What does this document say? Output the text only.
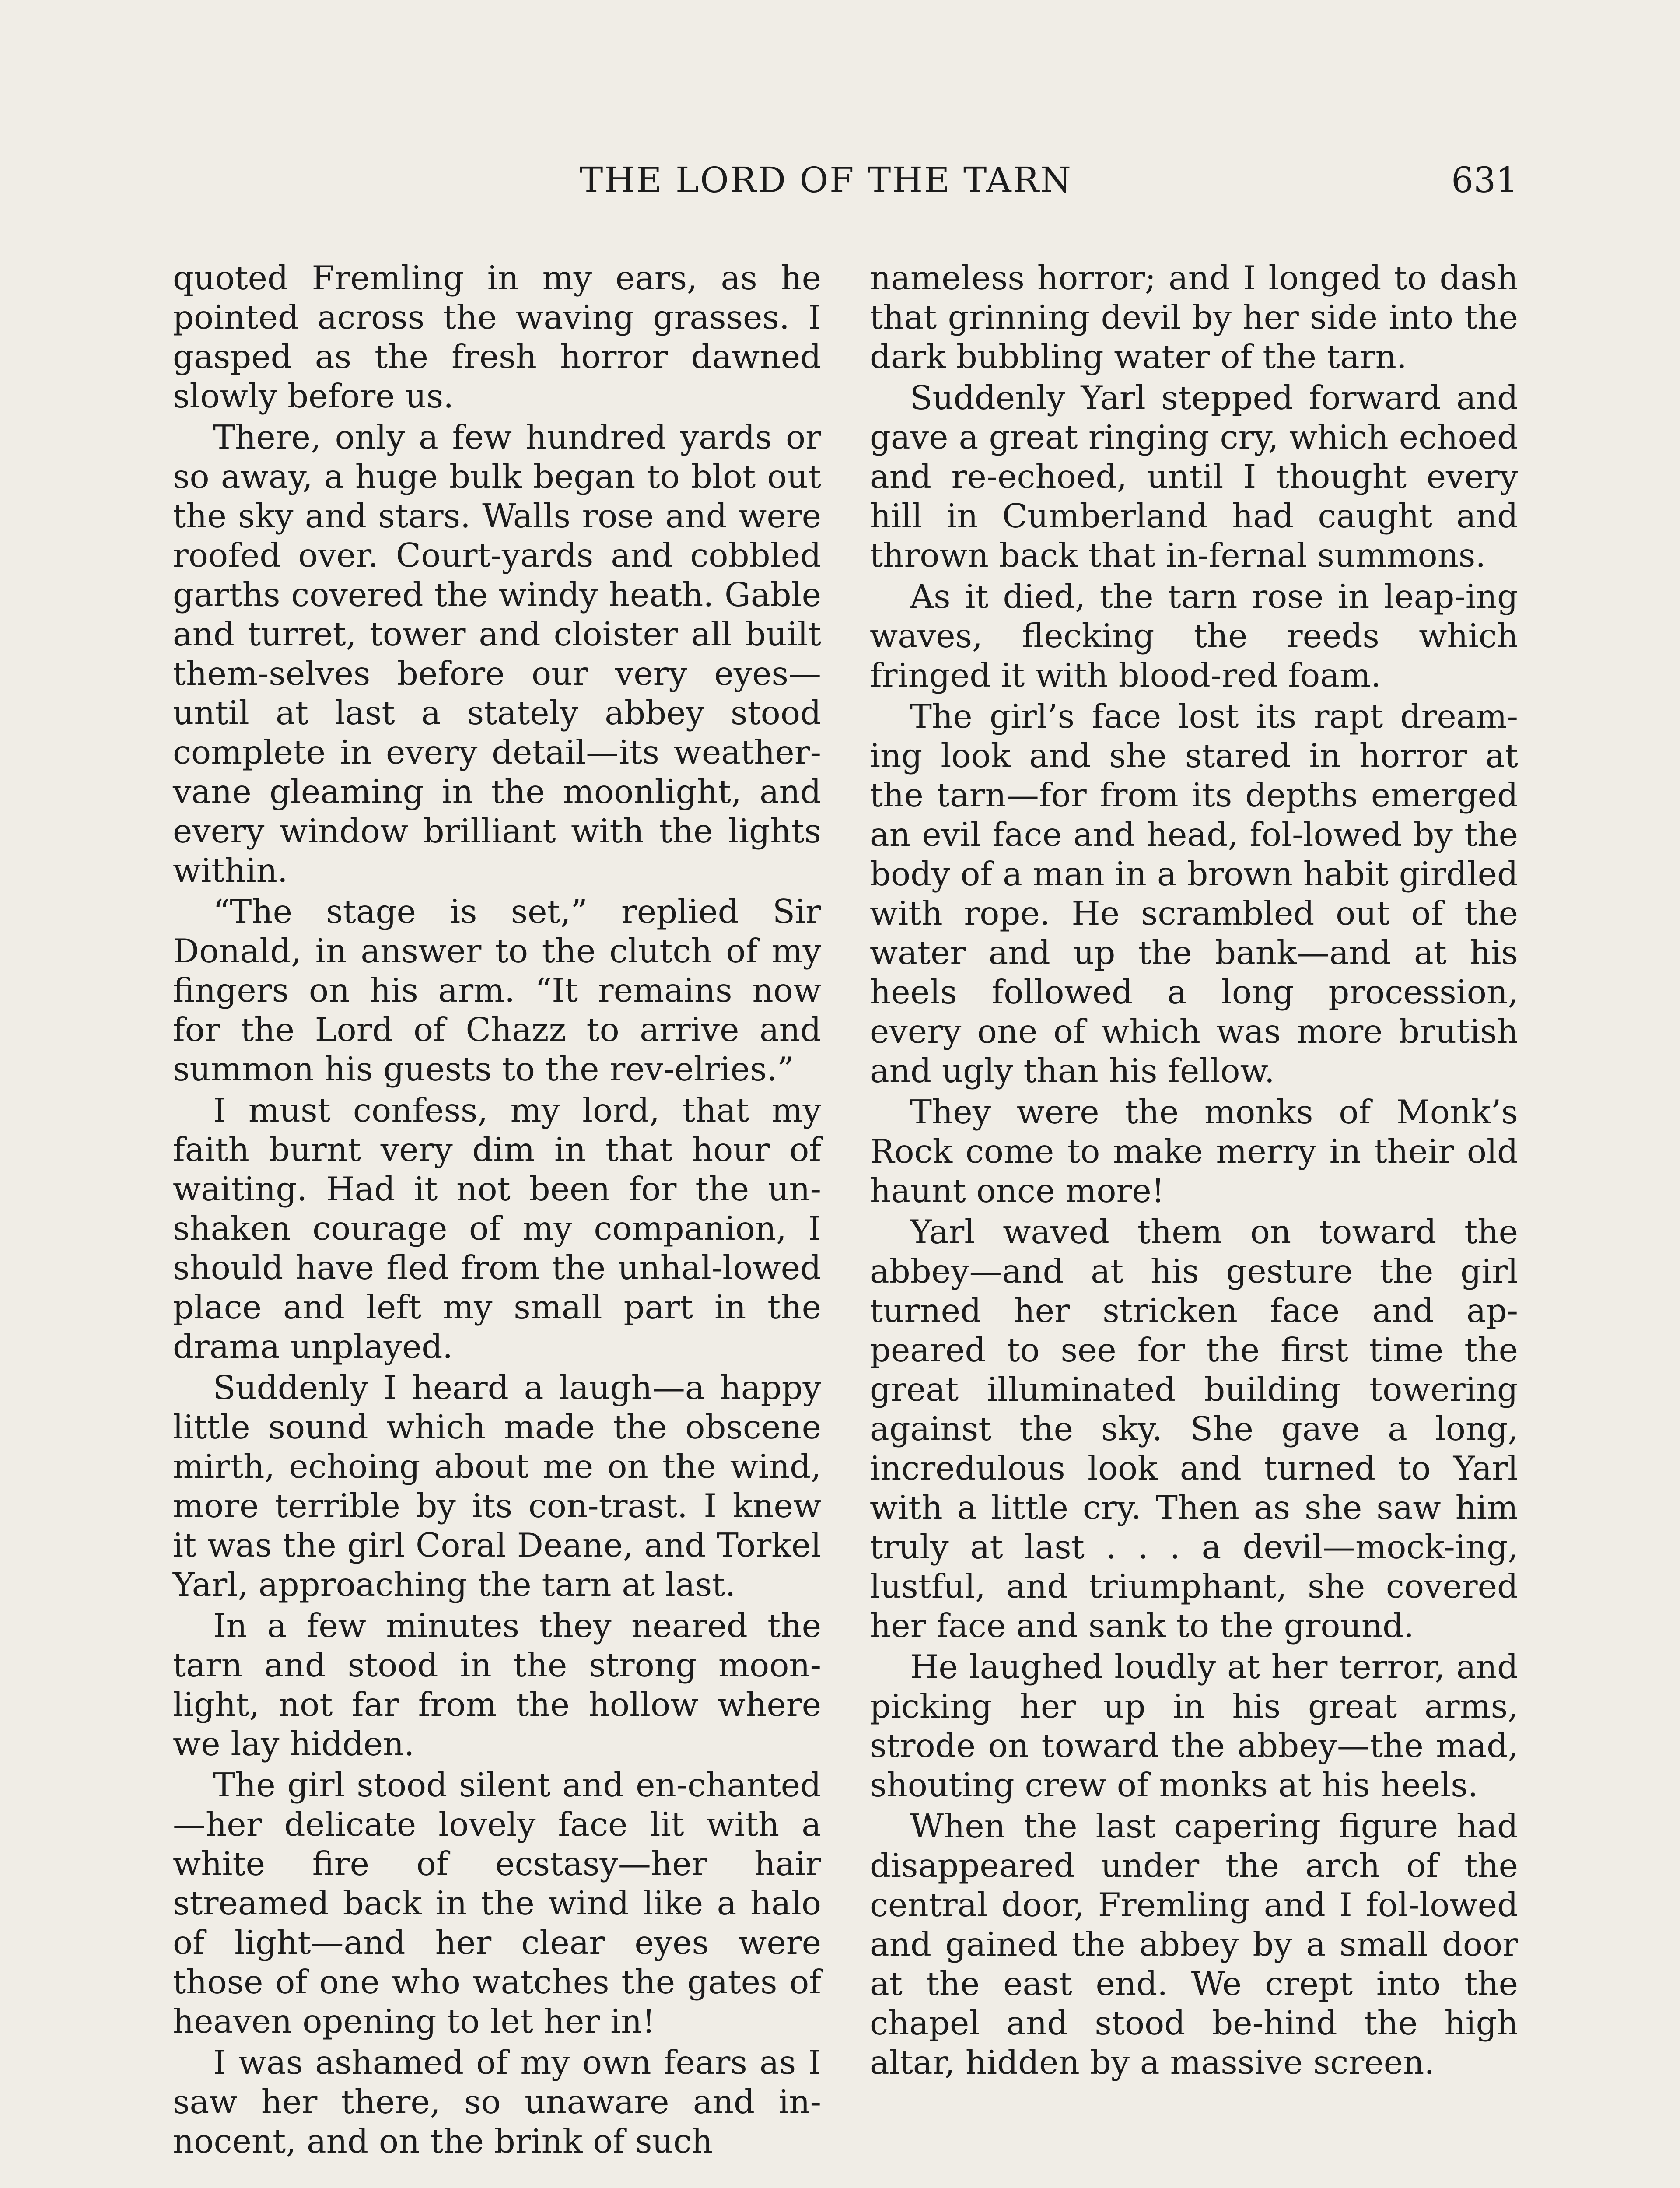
THE LORD OF THE TARN	631

quoted Fremling in my ears, as he pointed across the waving grasses. I gasped as the fresh horror dawned slowly before us.

There, only a few hundred yards or so away, a huge bulk began to blot out the sky and stars. Walls rose and were roofed over. Court-yards and cobbled garths covered the windy heath. Gable and turret, tower and cloister all built them-selves before our very eyes—until at last a stately abbey stood complete in every detail—its weather-vane gleaming in the moonlight, and every window brilliant with the lights within.

“The stage is set,” replied Sir Donald, in answer to the clutch of my fingers on his arm. “It remains now for the Lord of Chazz to arrive and summon his guests to the rev-elries.”

I must confess, my lord, that my faith burnt very dim in that hour of waiting. Had it not been for the un-shaken courage of my companion, I should have fled from the unhal-lowed place and left my small part in the drama unplayed.

Suddenly I heard a laugh—a happy little sound which made the obscene mirth, echoing about me on the wind, more terrible by its con-trast. I knew it was the girl Coral Deane, and Torkel Yarl, approaching the tarn at last.

In a few minutes they neared the tarn and stood in the strong moon-light, not far from the hollow where we lay hidden.

The girl stood silent and en-chanted—her delicate lovely face lit with a white fire of ecstasy—her hair streamed back in the wind like a halo of light—and her clear eyes were those of one who watches the gates of heaven opening to let her in!

I was ashamed of my own fears as I saw her there, so unaware and in-nocent, and on the brink of such

nameless horror; and I longed to dash that grinning devil by her side into the dark bubbling water of the tarn.

Suddenly Yarl stepped forward and gave a great ringing cry, which echoed and re-echoed, until I thought every hill in Cumberland had caught and thrown back that in-fernal summons.

As it died, the tarn rose in leap-ing waves, flecking the reeds which fringed it with blood-red foam.

The girl’s face lost its rapt dream-ing look and she stared in horror at the tarn—for from its depths emerged an evil face and head, fol-lowed by the body of a man in a brown habit girdled with rope. He scrambled out of the water and up the bank—and at his heels followed a long procession, every one of which was more brutish and ugly than his fellow.

They were the monks of Monk’s Rock come to make merry in their old haunt once more!

Yarl waved them on toward the abbey—and at his gesture the girl turned her stricken face and ap-peared to see for the first time the great illuminated building towering against the sky. She gave a long, incredulous look and turned to Yarl with a little cry. Then as she saw him truly at last . . . a devil—mock-ing, lustful, and triumphant, she covered her face and sank to the ground.

He laughed loudly at her terror, and picking her up in his great arms, strode on toward the abbey—the mad, shouting crew of monks at his heels.

When the last capering figure had disappeared under the arch of the central door, Fremling and I fol-lowed and gained the abbey by a small door at the east end. We crept into the chapel and stood be-hind the high altar, hidden by a massive screen.
